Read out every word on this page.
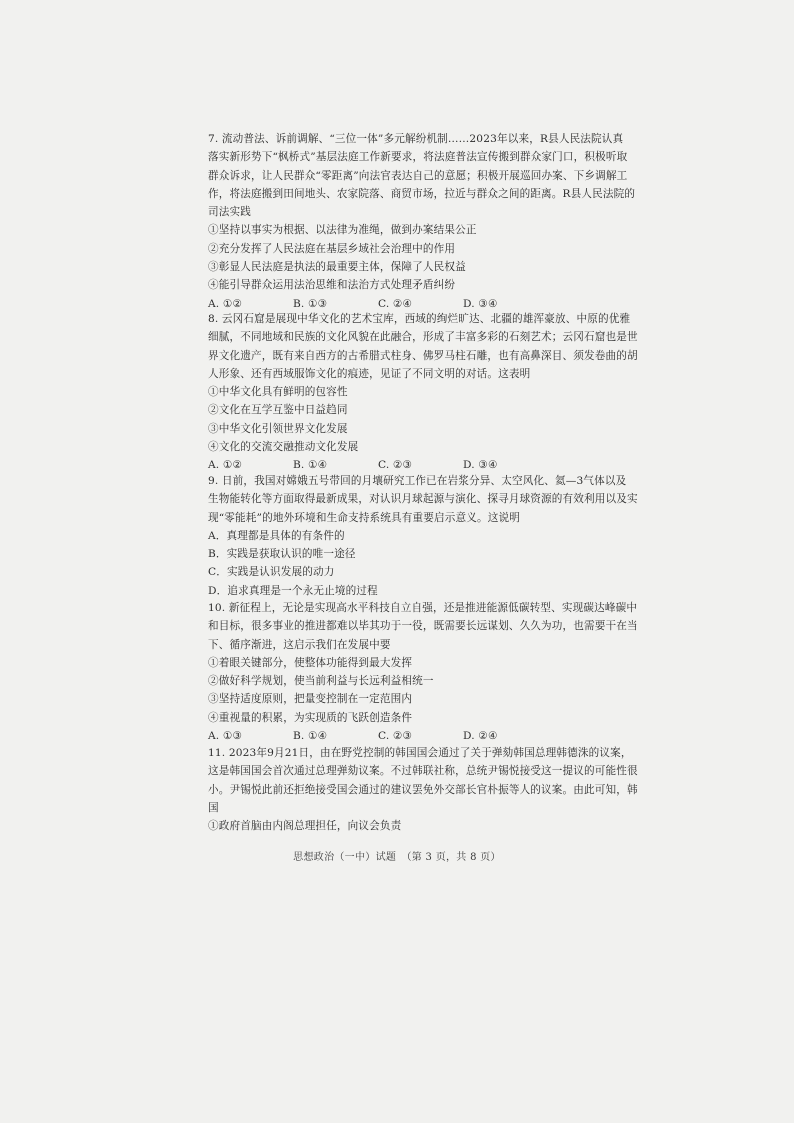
7. 流动普法、诉前调解、“三位一体”多元解纷机制……2023年以来，R县人民法院认真
落实新形势下“枫桥式”基层法庭工作新要求，将法庭普法宣传搬到群众家门口，积极听取
群众诉求，让人民群众“零距离”向法官表达自己的意愿；积极开展巡回办案、下乡调解工
作，将法庭搬到田间地头、农家院落、商贸市场，拉近与群众之间的距离。R县人民法院的
司法实践
①坚持以事实为根据、以法律为准绳，做到办案结果公正
②充分发挥了人民法庭在基层乡域社会治理中的作用
③彰显人民法庭是执法的最重要主体，保障了人民权益
④能引导群众运用法治思维和法治方式处理矛盾纠纷
A. ①②	B. ①③	C. ②④	D. ③④
8. 云冈石窟是展现中华文化的艺术宝库，西域的绚烂旷达、北疆的雄浑豪放、中原的优雅
细腻，不同地域和民族的文化风貌在此融合，形成了丰富多彩的石刻艺术；云冈石窟也是世
界文化遗产，既有来自西方的古希腊式柱身、佛罗马柱石雕，也有高鼻深目、须发卷曲的胡
人形象、还有西域服饰文化的痕迹，见证了不同文明的对话。这表明
①中华文化具有鲜明的包容性
②文化在互学互鉴中日益趋同
③中华文化引领世界文化发展
④文化的交流交融推动文化发展
A. ①②	B. ①④	C. ②③	D. ③④
9. 日前，我国对嫦娥五号带回的月壤研究工作已在岩浆分异、太空风化、氦—3气体以及
生物能转化等方面取得最新成果，对认识月球起源与演化、探寻月球资源的有效利用以及实
现“零能耗”的地外环境和生命支持系统具有重要启示意义。这说明
A．真理都是具体的有条件的
B．实践是获取认识的唯一途径
C．实践是认识发展的动力
D．追求真理是一个永无止境的过程
10. 新征程上，无论是实现高水平科技自立自强，还是推进能源低碳转型、实现碳达峰碳中
和目标，很多事业的推进都难以毕其功于一役，既需要长远谋划、久久为功，也需要干在当
下、循序渐进，这启示我们在发展中要
①着眼关键部分，使整体功能得到最大发挥
②做好科学规划，使当前利益与长远利益相统一
③坚持适度原则，把量变控制在一定范围内
④重视量的积累，为实现质的飞跃创造条件
A. ①③	B. ①④	C. ②③	D. ②④
11. 2023年9月21日，由在野党控制的韩国国会通过了关于弹劾韩国总理韩德洙的议案，
这是韩国国会首次通过总理弹劾议案。不过韩联社称，总统尹锡悦接受这一提议的可能性很
小。尹锡悦此前还拒绝接受国会通过的建议罢免外交部长官朴振等人的议案。由此可知，韩
国
①政府首脑由内阁总理担任，向议会负责
思想政治（一中）试题　（第 3 页，共 8 页）
